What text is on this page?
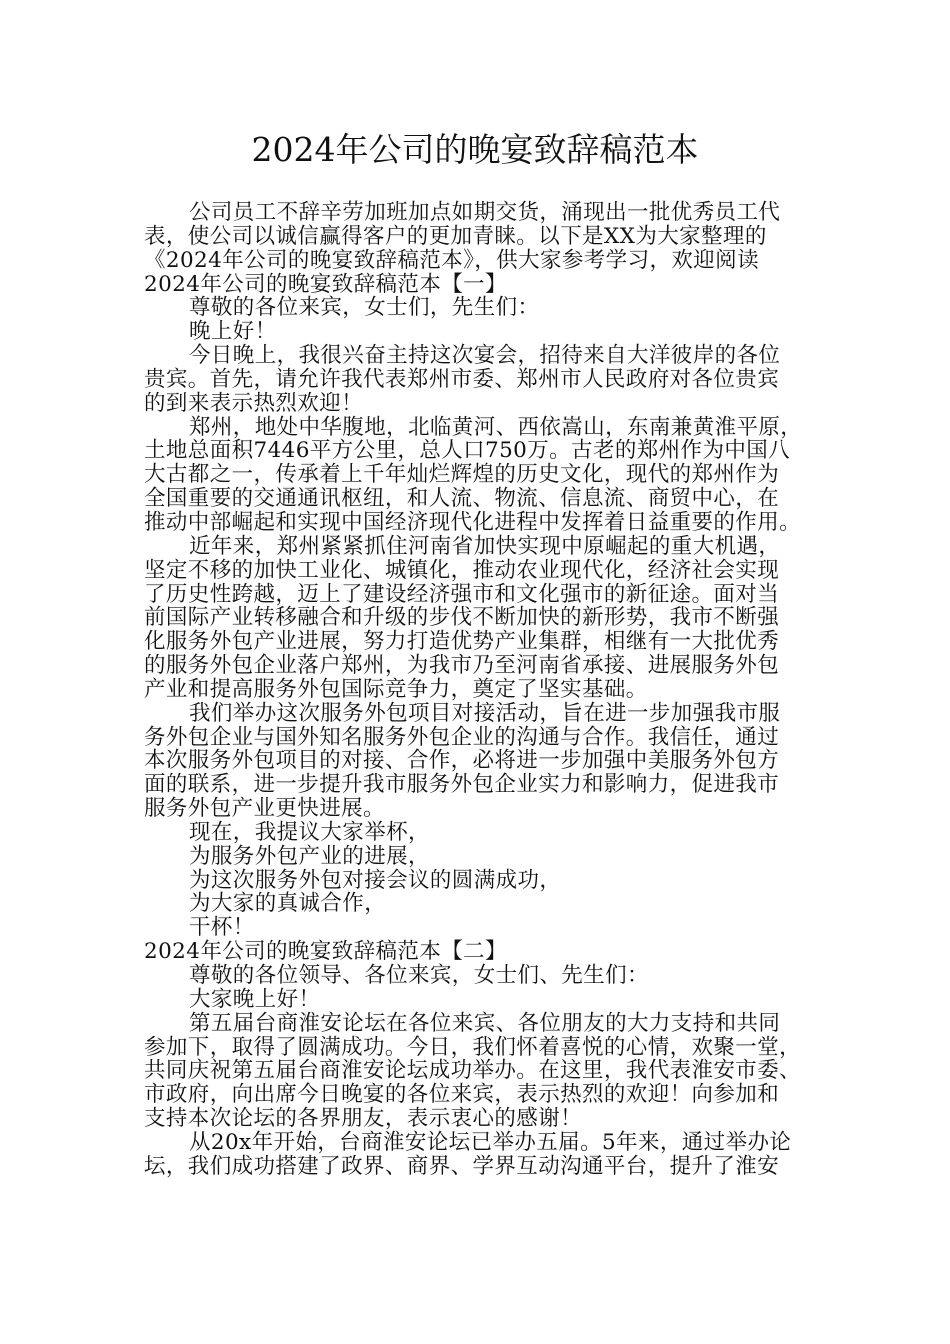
2024年公司的晚宴致辞稿范本
公司员工不辞辛劳加班加点如期交货，涌现出一批优秀员工代
表，使公司以诚信赢得客户的更加青睐。以下是XX为大家整理的
《2024年公司的晚宴致辞稿范本》，供大家参考学习，欢迎阅读
2024年公司的晚宴致辞稿范本【一】
尊敬的各位来宾，女士们，先生们：
晚上好！
今日晚上，我很兴奋主持这次宴会，招待来自大洋彼岸的各位
贵宾。首先，请允许我代表郑州市委、郑州市人民政府对各位贵宾
的到来表示热烈欢迎！
郑州，地处中华腹地，北临黄河、西依嵩山，东南兼黄淮平原，
土地总面积7446平方公里，总人口750万。古老的郑州作为中国八
大古都之一，传承着上千年灿烂辉煌的历史文化，现代的郑州作为
全国重要的交通通讯枢纽，和人流、物流、信息流、商贸中心，在
推动中部崛起和实现中国经济现代化进程中发挥着日益重要的作用。
近年来，郑州紧紧抓住河南省加快实现中原崛起的重大机遇，
坚定不移的加快工业化、城镇化，推动农业现代化，经济社会实现
了历史性跨越，迈上了建设经济强市和文化强市的新征途。面对当
前国际产业转移融合和升级的步伐不断加快的新形势，我市不断强
化服务外包产业进展，努力打造优势产业集群，相继有一大批优秀
的服务外包企业落户郑州，为我市乃至河南省承接、进展服务外包
产业和提高服务外包国际竞争力，奠定了坚实基础。
我们举办这次服务外包项目对接活动，旨在进一步加强我市服
务外包企业与国外知名服务外包企业的沟通与合作。我信任，通过
本次服务外包项目的对接、合作，必将进一步加强中美服务外包方
面的联系，进一步提升我市服务外包企业实力和影响力，促进我市
服务外包产业更快进展。
现在，我提议大家举杯，
为服务外包产业的进展，
为这次服务外包对接会议的圆满成功，
为大家的真诚合作，
干杯！
2024年公司的晚宴致辞稿范本【二】
尊敬的各位领导、各位来宾，女士们、先生们：
大家晚上好！
第五届台商淮安论坛在各位来宾、各位朋友的大力支持和共同
参加下，取得了圆满成功。今日，我们怀着喜悦的心情，欢聚一堂，
共同庆祝第五届台商淮安论坛成功举办。在这里，我代表淮安市委、
市政府，向出席今日晚宴的各位来宾，表示热烈的欢迎！向参加和
支持本次论坛的各界朋友，表示衷心的感谢！
从20x年开始，台商淮安论坛已举办五届。5年来，通过举办论
坛，我们成功搭建了政界、商界、学界互动沟通平台，提升了淮安
